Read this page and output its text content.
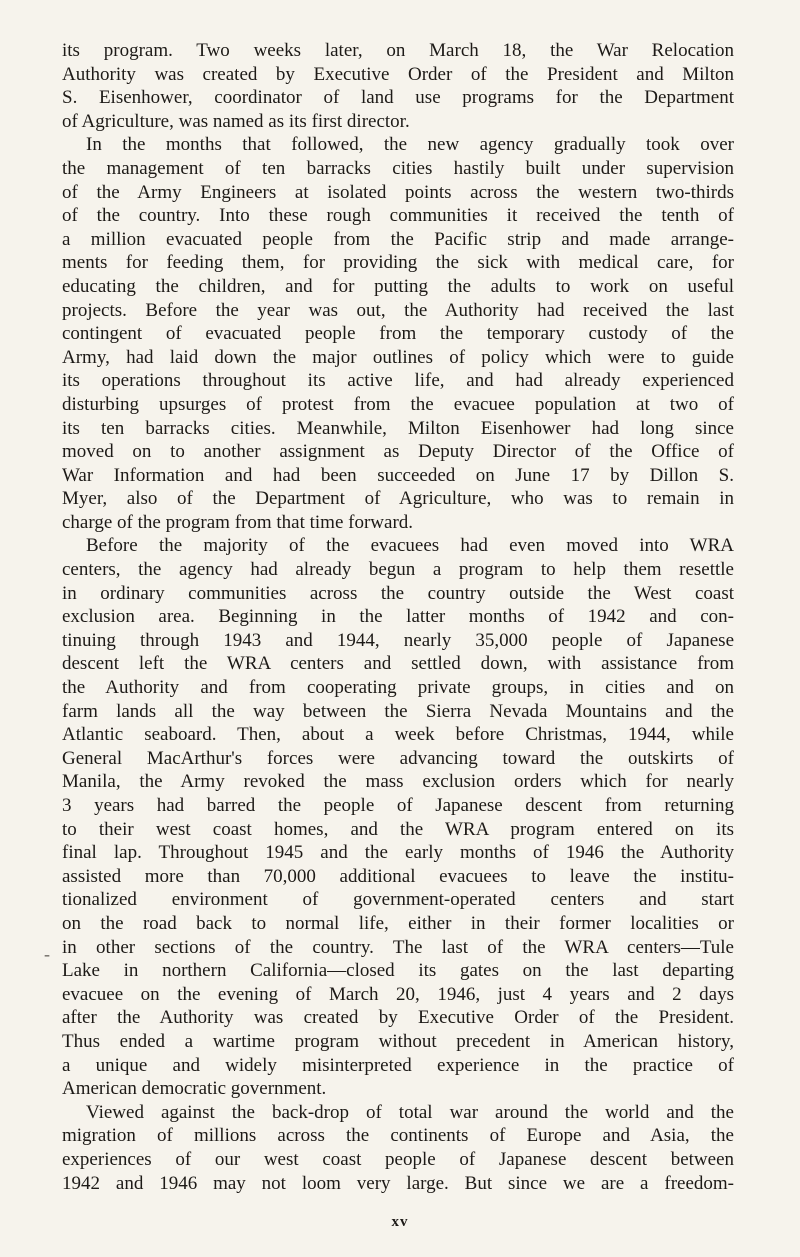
its program. Two weeks later, on March 18, the War Relocation
Authority was created by Executive Order of the President and Milton
S. Eisenhower, coordinator of land use programs for the Department
of Agriculture, was named as its first director.
In the months that followed, the new agency gradually took over
the management of ten barracks cities hastily built under supervision
of the Army Engineers at isolated points across the western two-thirds
of the country. Into these rough communities it received the tenth of
a million evacuated people from the Pacific strip and made arrange-
ments for feeding them, for providing the sick with medical care, for
educating the children, and for putting the adults to work on useful
projects. Before the year was out, the Authority had received the last
contingent of evacuated people from the temporary custody of the
Army, had laid down the major outlines of policy which were to guide
its operations throughout its active life, and had already experienced
disturbing upsurges of protest from the evacuee population at two of
its ten barracks cities. Meanwhile, Milton Eisenhower had long since
moved on to another assignment as Deputy Director of the Office of
War Information and had been succeeded on June 17 by Dillon S.
Myer, also of the Department of Agriculture, who was to remain in
charge of the program from that time forward.
Before the majority of the evacuees had even moved into WRA
centers, the agency had already begun a program to help them resettle
in ordinary communities across the country outside the West coast
exclusion area. Beginning in the latter months of 1942 and con-
tinuing through 1943 and 1944, nearly 35,000 people of Japanese
descent left the WRA centers and settled down, with assistance from
the Authority and from cooperating private groups, in cities and on
farm lands all the way between the Sierra Nevada Mountains and the
Atlantic seaboard. Then, about a week before Christmas, 1944, while
General MacArthur's forces were advancing toward the outskirts of
Manila, the Army revoked the mass exclusion orders which for nearly
3 years had barred the people of Japanese descent from returning
to their west coast homes, and the WRA program entered on its
final lap. Throughout 1945 and the early months of 1946 the Authority
assisted more than 70,000 additional evacuees to leave the institu-
tionalized environment of government-operated centers and start
on the road back to normal life, either in their former localities or
in other sections of the country. The last of the WRA centers—Tule
Lake in northern California—closed its gates on the last departing
evacuee on the evening of March 20, 1946, just 4 years and 2 days
after the Authority was created by Executive Order of the President.
Thus ended a wartime program without precedent in American history,
a unique and widely misinterpreted experience in the practice of
American democratic government.
Viewed against the back-drop of total war around the world and the
migration of millions across the continents of Europe and Asia, the
experiences of our west coast people of Japanese descent between
1942 and 1946 may not loom very large. But since we are a freedom-
-
xv
